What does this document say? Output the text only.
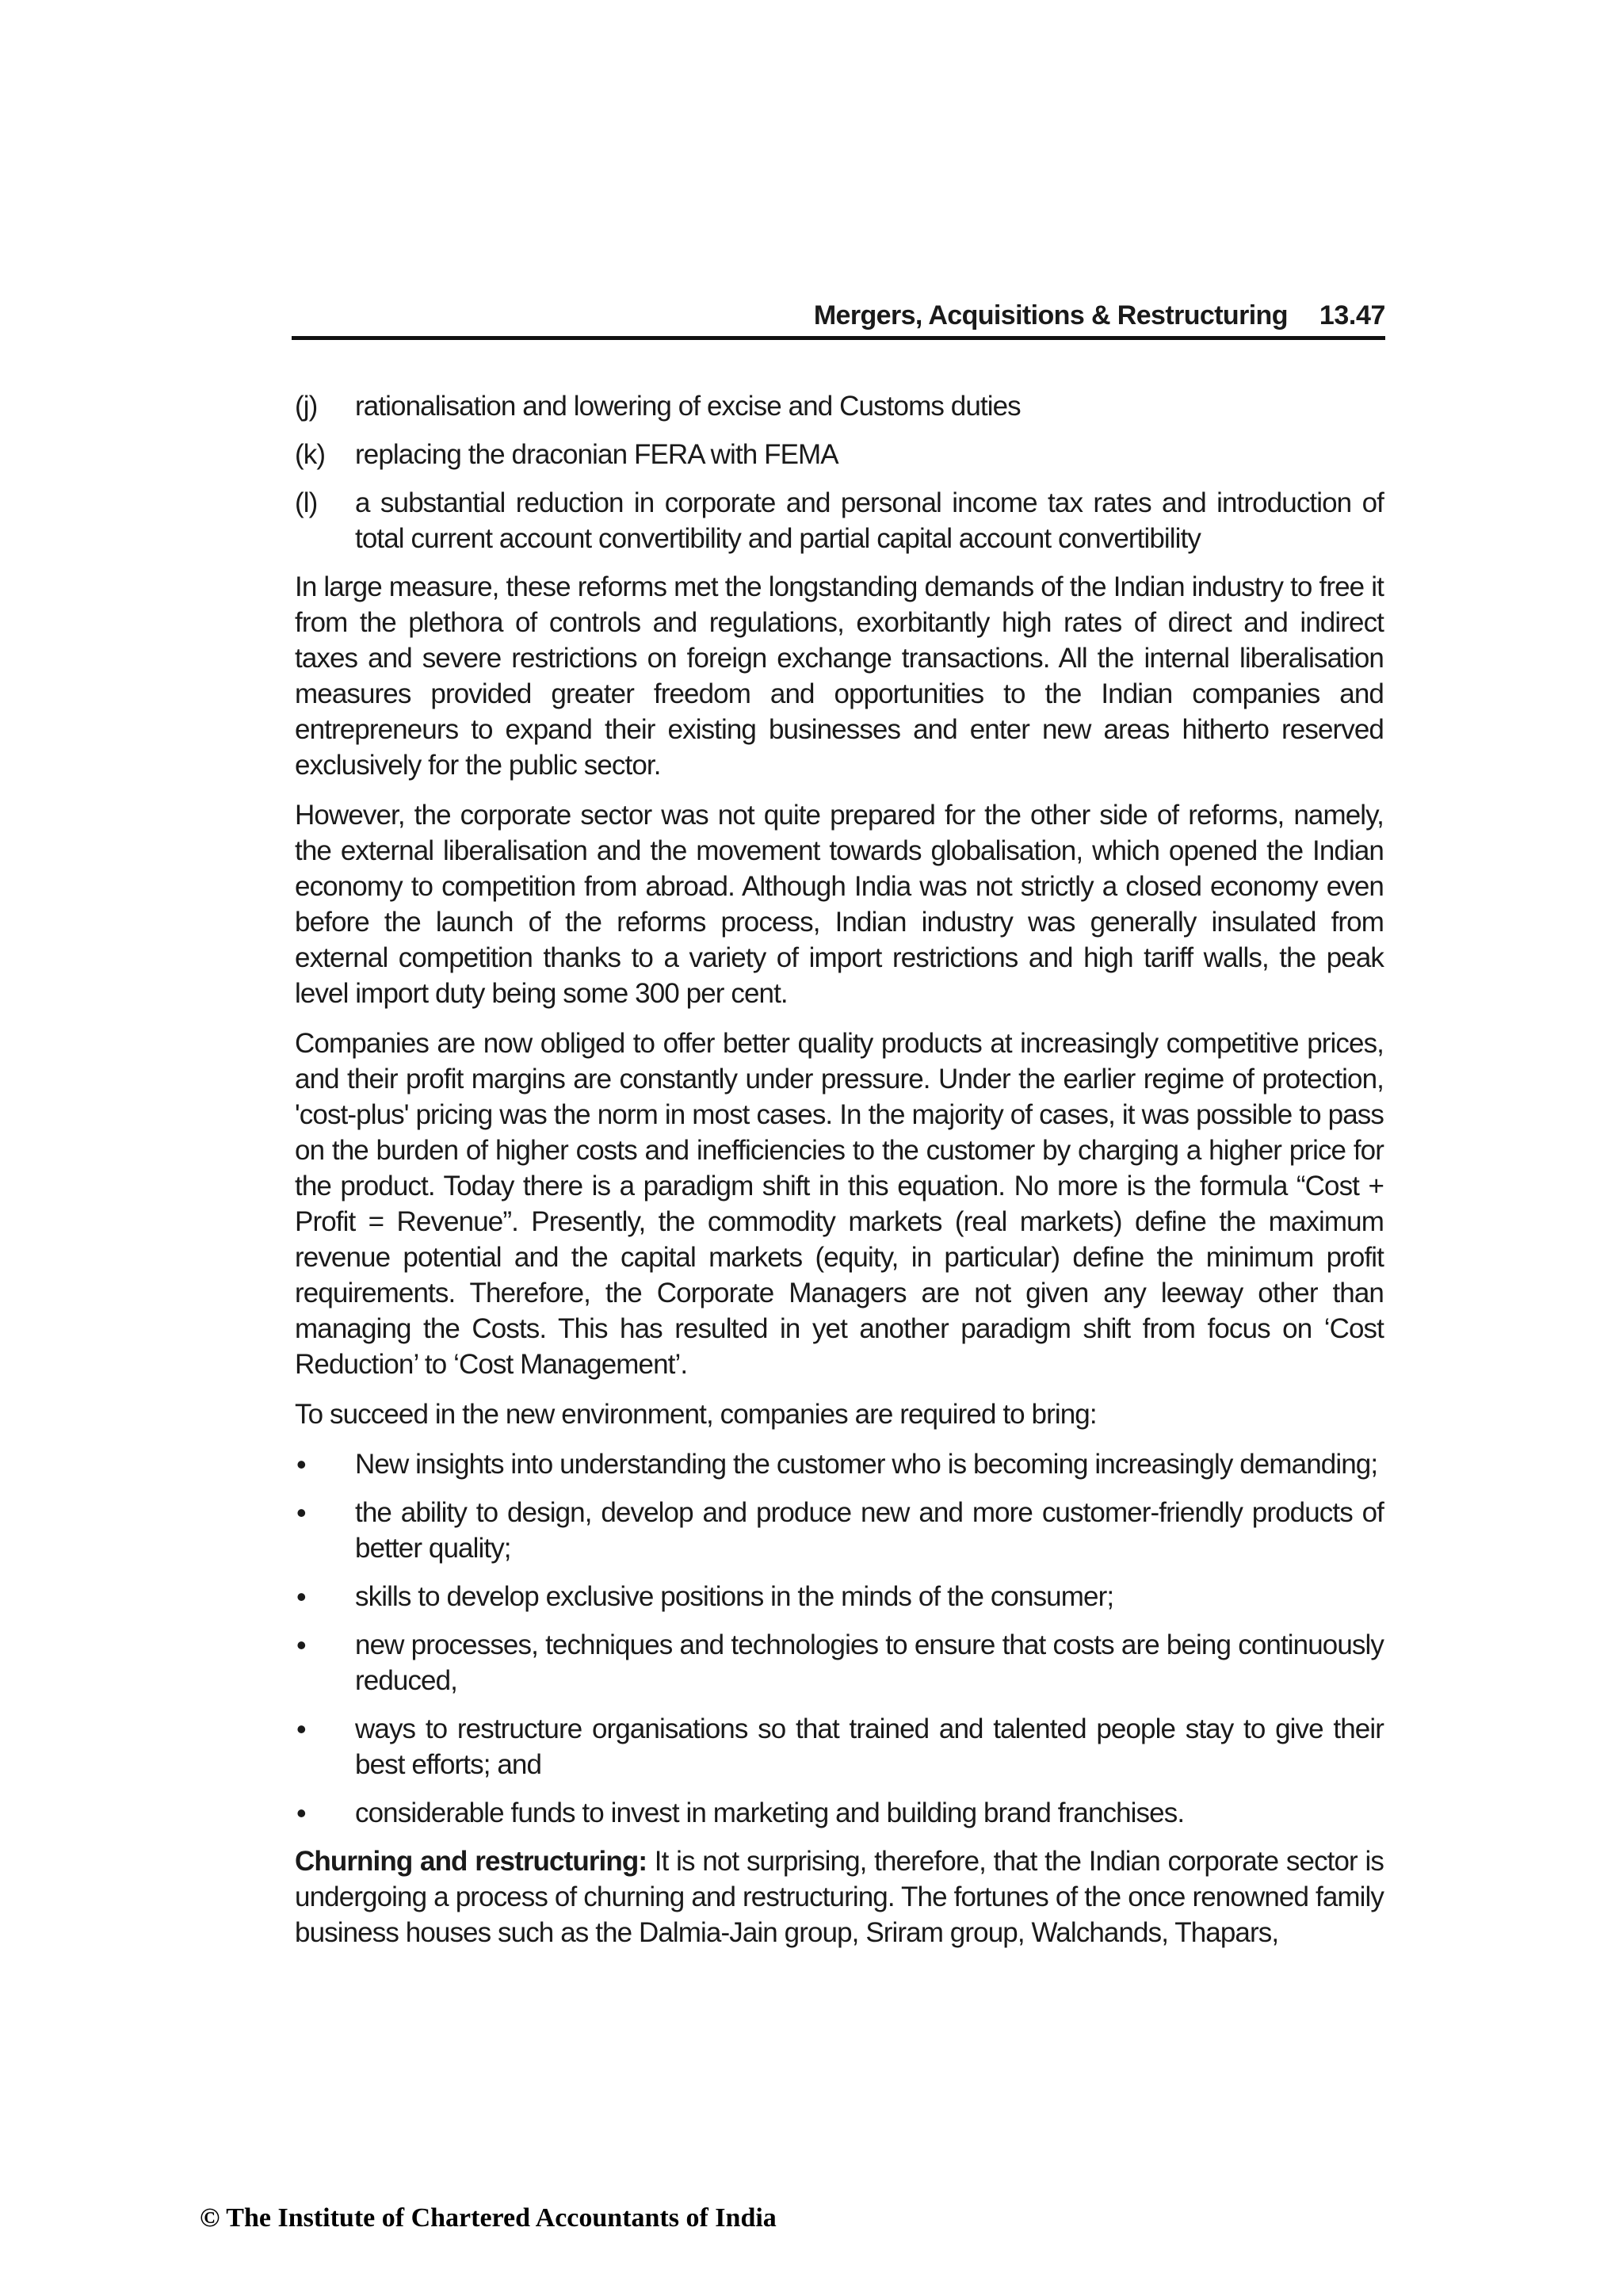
Mergers, Acquisitions & Restructuring 13.47
(j)	rationalisation and lowering of excise and Customs duties
(k)	replacing the draconian FERA with FEMA
(l)	a substantial reduction in corporate and personal income tax rates and introduction of total current account convertibility and partial capital account convertibility

In large measure, these reforms met the longstanding demands of the Indian industry to free it from the plethora of controls and regulations, exorbitantly high rates of direct and indirect taxes and severe restrictions on foreign exchange transactions. All the internal liberalisation measures provided greater freedom and opportunities to the Indian companies and entrepreneurs to expand their existing businesses and enter new areas hitherto reserved exclusively for the public sector.

However, the corporate sector was not quite prepared for the other side of reforms, namely, the external liberalisation and the movement towards globalisation, which opened the Indian economy to competition from abroad. Although India was not strictly a closed economy even before the launch of the reforms process, Indian industry was generally insulated from external competition thanks to a variety of import restrictions and high tariff walls, the peak level import duty being some 300 per cent.

Companies are now obliged to offer better quality products at increasingly competitive prices, and their profit margins are constantly under pressure. Under the earlier regime of protection, 'cost-plus' pricing was the norm in most cases. In the majority of cases, it was possible to pass on the burden of higher costs and inefficiencies to the customer by charging a higher price for the product. Today there is a paradigm shift in this equation. No more is the formula “Cost + Profit = Revenue”. Presently, the commodity markets (real markets) define the maximum revenue potential and the capital markets (equity, in particular) define the minimum profit requirements. Therefore, the Corporate Managers are not given any leeway other than managing the Costs. This has resulted in yet another paradigm shift from focus on ‘Cost Reduction’ to ‘Cost Management’.

To succeed in the new environment, companies are required to bring:

•	New insights into understanding the customer who is becoming increasingly demanding;
•	the ability to design, develop and produce new and more customer-friendly products of better quality;
•	skills to develop exclusive positions in the minds of the consumer;
•	new processes, techniques and technologies to ensure that costs are being continuously reduced,
•	ways to restructure organisations so that trained and talented people stay to give their best efforts; and
•	considerable funds to invest in marketing and building brand franchises.

Churning and restructuring: It is not surprising, therefore, that the Indian corporate sector is undergoing a process of churning and restructuring. The fortunes of the once renowned family business houses such as the Dalmia-Jain group, Sriram group, Walchands, Thapars,

© The Institute of Chartered Accountants of India
